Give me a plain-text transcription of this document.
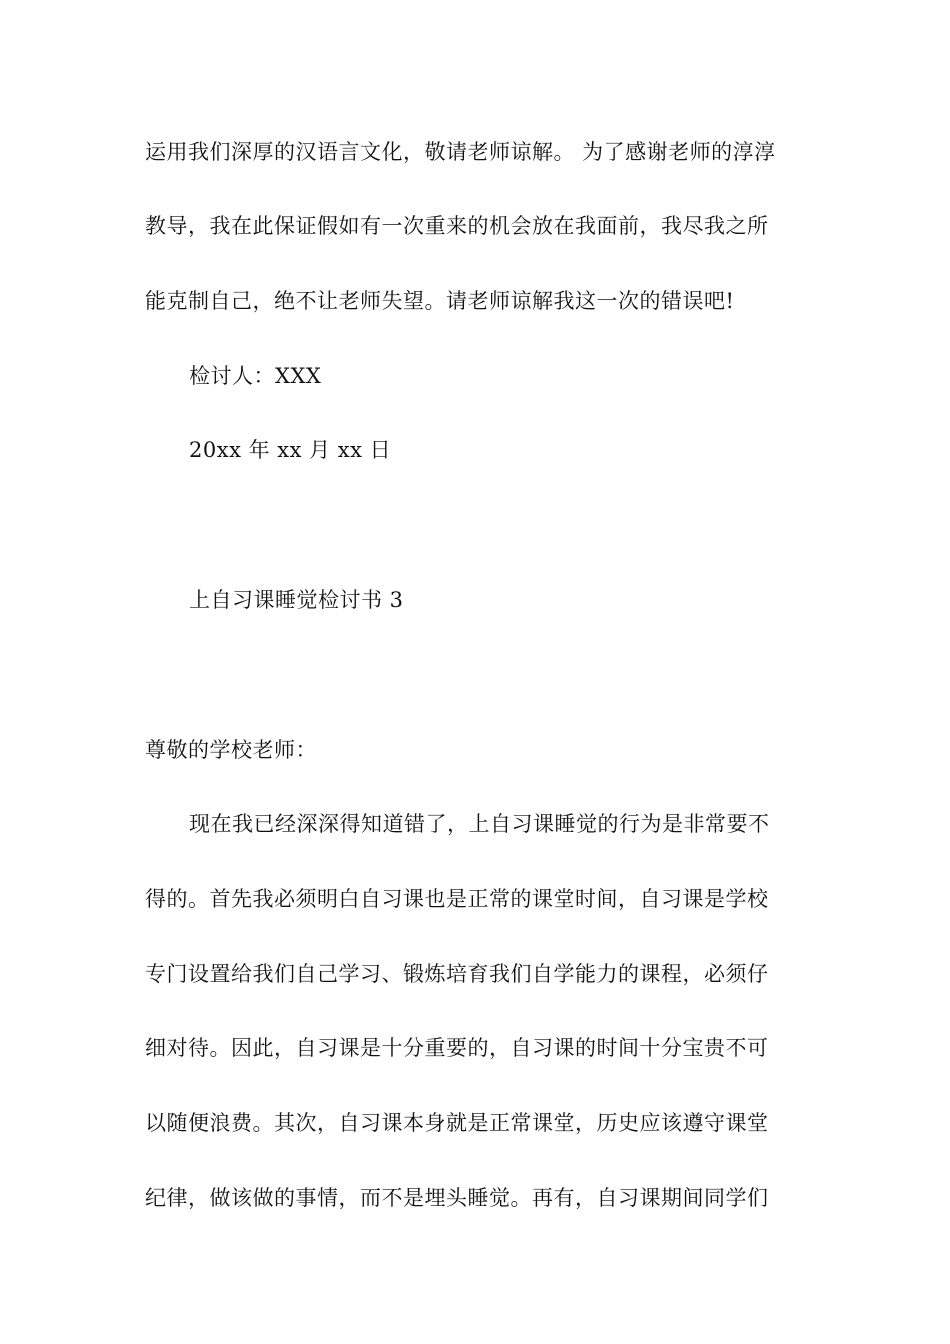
运用我们深厚的汉语言文化，敬请老师谅解。 为了感谢老师的淳淳
教导，我在此保证假如有一次重来的机会放在我面前，我尽我之所
能克制自己，绝不让老师失望。请老师谅解我这一次的错误吧!
检讨人：XXX
20xx 年 xx 月 xx 日
上自习课睡觉检讨书 3
尊敬的学校老师：
现在我已经深深得知道错了，上自习课睡觉的行为是非常要不
得的。首先我必须明白自习课也是正常的课堂时间，自习课是学校
专门设置给我们自己学习、锻炼培育我们自学能力的课程，必须仔
细对待。因此，自习课是十分重要的，自习课的时间十分宝贵不可
以随便浪费。其次，自习课本身就是正常课堂，历史应该遵守课堂
纪律，做该做的事情，而不是埋头睡觉。再有，自习课期间同学们
